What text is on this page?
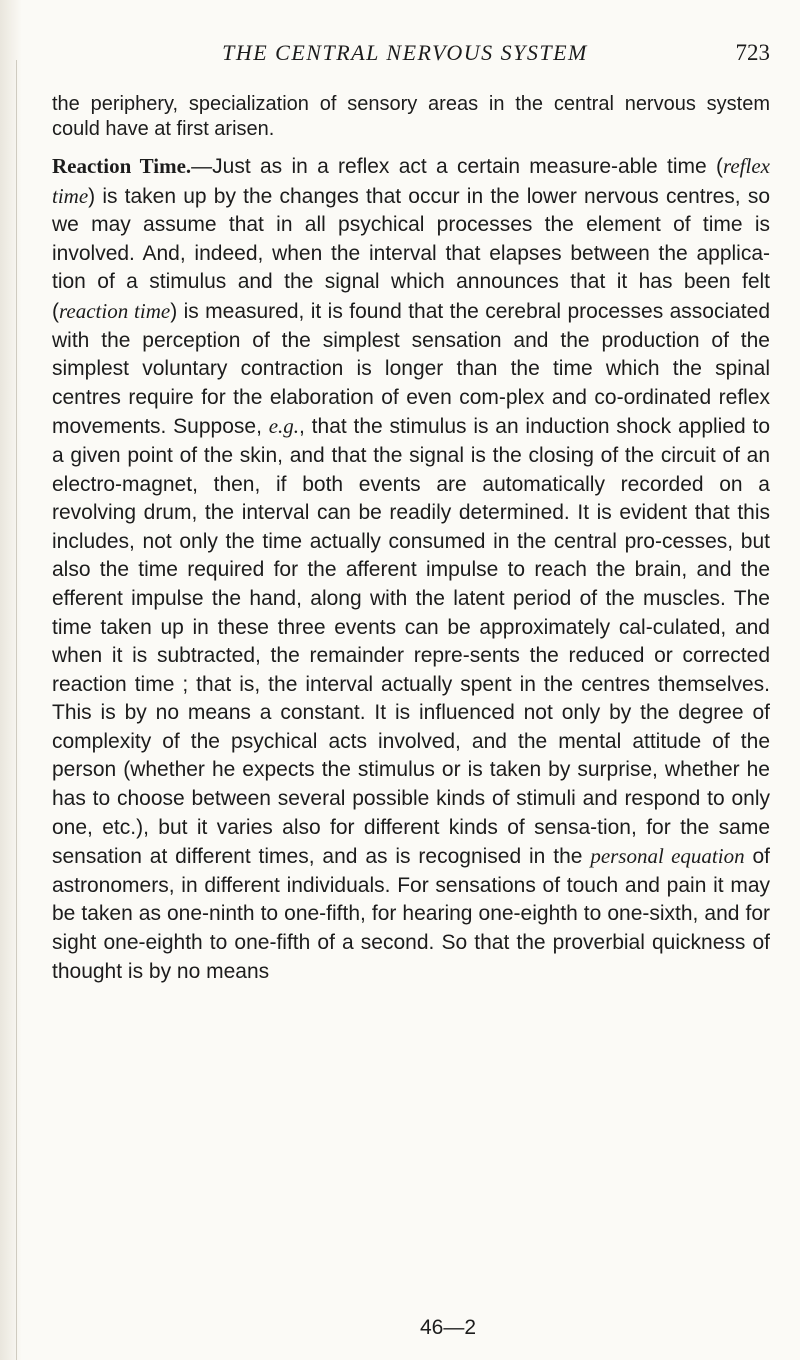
THE CENTRAL NERVOUS SYSTEM	723

the periphery, specialization of sensory areas in the central nervous system could have at first arisen.

Reaction Time.—Just as in a reflex act a certain measure-able time (reflex time) is taken up by the changes that occur in the lower nervous centres, so we may assume that in all psychical processes the element of time is involved. And, indeed, when the interval that elapses between the applica-tion of a stimulus and the signal which announces that it has been felt (reaction time) is measured, it is found that the cerebral processes associated with the perception of the simplest sensation and the production of the simplest voluntary contraction is longer than the time which the spinal centres require for the elaboration of even com-plex and co-ordinated reflex movements. Suppose, e.g., that the stimulus is an induction shock applied to a given point of the skin, and that the signal is the closing of the circuit of an electro-magnet, then, if both events are automatically recorded on a revolving drum, the interval can be readily determined. It is evident that this includes, not only the time actually consumed in the central pro-cesses, but also the time required for the afferent impulse to reach the brain, and the efferent impulse the hand, along with the latent period of the muscles. The time taken up in these three events can be approximately cal-culated, and when it is subtracted, the remainder repre-sents the reduced or corrected reaction time ; that is, the interval actually spent in the centres themselves. This is by no means a constant. It is influenced not only by the degree of complexity of the psychical acts involved, and the mental attitude of the person (whether he expects the stimulus or is taken by surprise, whether he has to choose between several possible kinds of stimuli and respond to only one, etc.), but it varies also for different kinds of sensa-tion, for the same sensation at different times, and as is recognised in the personal equation of astronomers, in different individuals. For sensations of touch and pain it may be taken as one-ninth to one-fifth, for hearing one-eighth to one-sixth, and for sight one-eighth to one-fifth of a second. So that the proverbial quickness of thought is by no means

46—2
